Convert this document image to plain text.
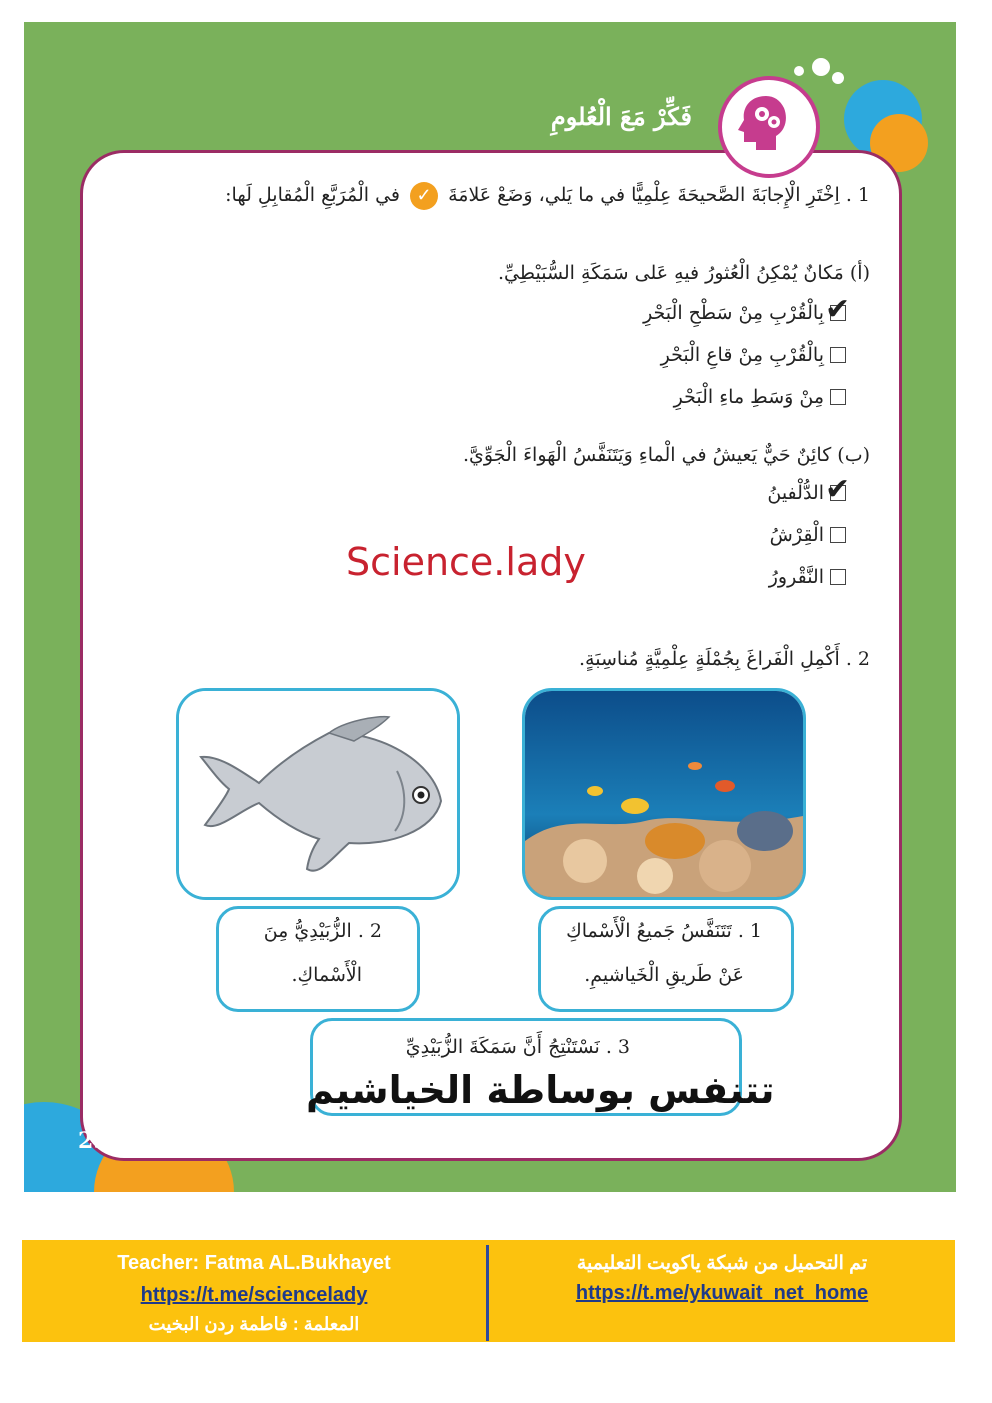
فَكِّرْ مَعَ الْعُلومِ
1 . اِخْتَرِ الْإِجابَةَ الصَّحيحَةَ عِلْمِيًّا في ما يَلي، وَضَعْ عَلامَةَ ✓ في الْمُرَبَّعِ الْمُقابِلِ لَها:
(أ) مَكانٌ يُمْكِنُ الْعُثورُ فيهِ عَلى سَمَكَةِ السُّبَيْطِيِّ.
✔
بِالْقُرْبِ مِنْ سَطْحِ الْبَحْرِ
بِالْقُرْبِ مِنْ قاعِ الْبَحْرِ
مِنْ وَسَطِ ماءِ الْبَحْرِ
(ب) كائِنٌ حَيٌّ يَعيشُ في الْماءِ وَيَتَنَفَّسُ الْهَواءَ الْجَوِّيَّ.
✔
الدُّلْفينُ
الْقِرْشُ
النَّقْرورُ
Science.lady
2 . أَكْمِلِ الْفَراغَ بِجُمْلَةٍ عِلْمِيَّةٍ مُناسِبَةٍ.
1 . تَتَنَفَّسُ جَميعُ الْأَسْماكِ
عَنْ طَريقِ الْخَياشيمِ.
2 . الزُّبَيْدِيُّ مِنَ
الْأَسْماكِ.
3 . نَسْتَنْتِجُ أَنَّ سَمَكَةَ الزُّبَيْدِيِّ
تتنفس بوساطة الخياشيم
25
Teacher: Fatma AL.Bukhayet
https://t.me/sciencelady
المعلمة : فاطمة ردن البخيت
تم التحميل من شبكة ياكويت التعليمية
https://t.me/ykuwait_net_home
